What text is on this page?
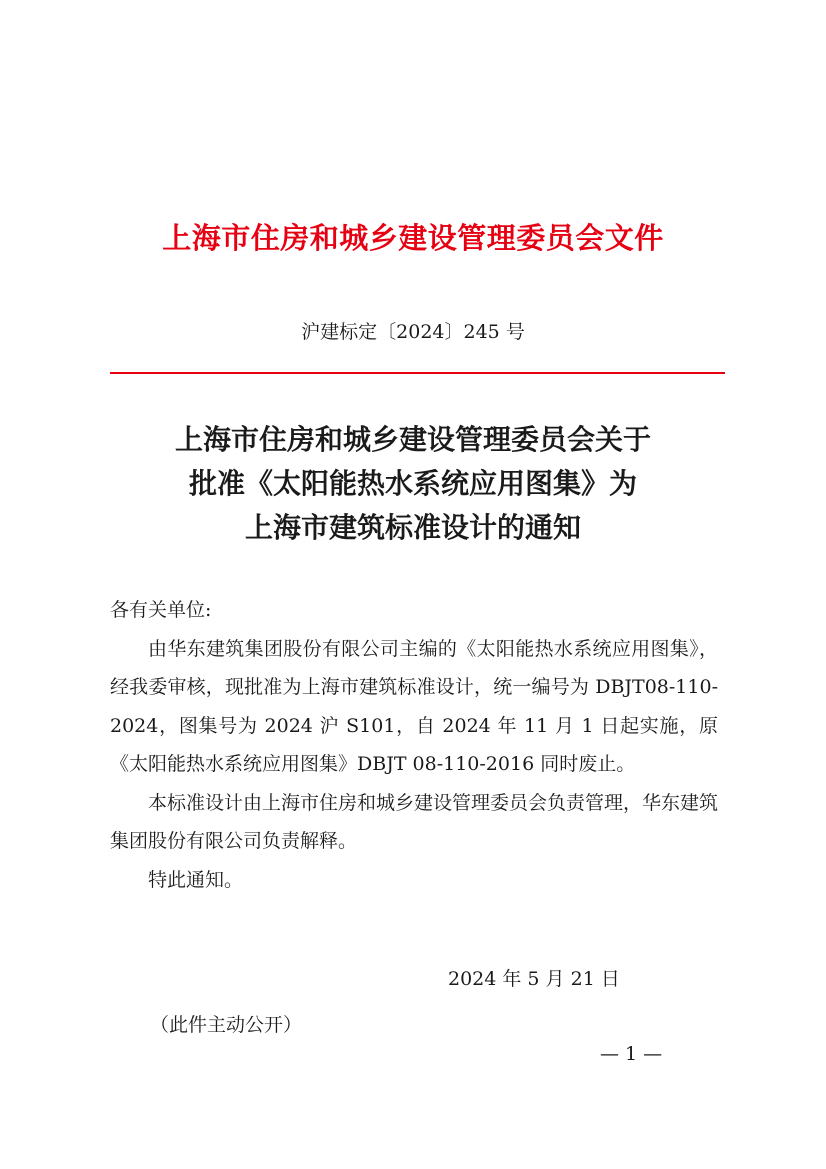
上海市住房和城乡建设管理委员会文件
沪建标定〔2024〕245 号
上海市住房和城乡建设管理委员会关于
批准《太阳能热水系统应用图集》为
上海市建筑标准设计的通知

各有关单位:

由华东建筑集团股份有限公司主编的《太阳能热水系统应用图集》，经我委审核，现批准为上海市建筑标准设计，统一编号为 DBJT08-110-2024，图集号为 2024 沪 S101，自 2024 年 11 月 1 日起实施，原《太阳能热水系统应用图集》DBJT 08-110-2016 同时废止。

本标准设计由上海市住房和城乡建设管理委员会负责管理，华东建筑集团股份有限公司负责解释。

特此通知。

2024 年 5 月 21 日
（此件主动公开）
— 1 —
